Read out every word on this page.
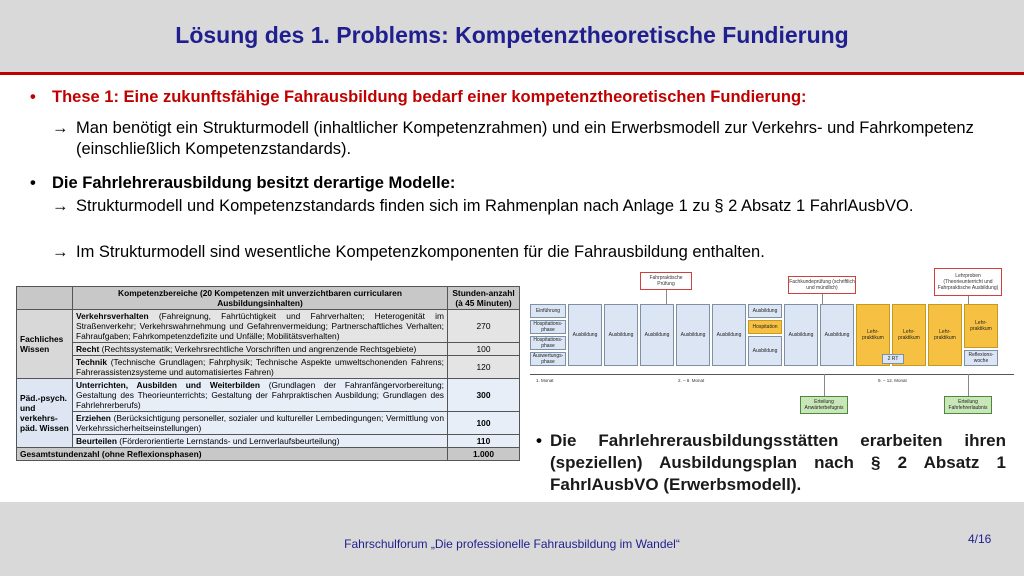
Lösung des 1. Problems: Kompetenztheoretische Fundierung
• These 1: Eine zukunftsfähige Fahrausbildung bedarf einer kompetenztheoretischen Fundierung:
→ Man benötigt ein Strukturmodell (inhaltlicher Kompetenzrahmen) und ein Erwerbsmodell zur Verkehrs- und Fahrkompetenz (einschließlich Kompetenzstandards).
• Die Fahrlehrerausbildung besitzt derartige Modelle:
→ Strukturmodell und Kompetenzstandards finden sich im Rahmenplan nach Anlage 1 zu § 2 Absatz 1 FahrlAusbVO.
→ Im Strukturmodell sind wesentliche Kompetenzkomponenten für die Fahrausbildung enthalten.
	Kompetenzbereiche (20 Kompetenzen mit unverzichtbaren curricularen Ausbildungsinhalten)	Stunden-anzahl (à 45 Minuten)
Fachliches Wissen	Verkehrsverhalten (Fahreignung, Fahrtüchtigkeit und Fahrverhalten; Heterogenität im Straßenverkehr; Verkehrswahrnehmung und Gefahrenvermeidung; Partnerschaftliches Verhalten; Fahraufgaben; Fahrkompetenzdefizite und Unfälle; Mobilitätsverhalten)	270
	Recht (Rechtssystematik; Verkehrsrechtliche Vorschriften und angrenzende Rechtsgebiete)	100
	Technik (Technische Grundlagen; Fahrphysik; Technische Aspekte umweltschonenden Fahrens; Fahrerassistenzsysteme und automatisiertes Fahren)	120
Päd.-psych. und verkehrs-päd. Wissen	Unterrichten, Ausbilden und Weiterbilden (Grundlagen der Fahranfängervorbereitung; Gestaltung des Theorieunterrichts; Gestaltung der Fahrpraktischen Ausbildung; Grundlagen des Fahrlehrerberufs)	300
	Erziehen (Berücksichtigung personeller, sozialer und kultureller Lernbedingungen; Vermittlung von Verkehrssicherheitseinstellungen)	100
	Beurteilen (Förderorientierte Lernstands- und Lernverlaufsbeurteilung)	110
Gesamtstundenzahl (ohne Reflexionsphasen)		1.000
Fahrpraktische Prüfung	Fachkundeprüfung (schriftlich und mündlich)
Lehrproben (Theorieunterricht und Fahrpraktische Ausbildung)
Einführung
Hospitations-phase
Hospitations-phase
Auswertungs-phase
Ausbildung	Ausbildung	Ausbildung	Ausbildung	Ausbildung
Ausbildung
Hospitation
Ausbildung
Ausbildung	Ausbildung	Lehr-praktikum
Lehr-praktikum
2 RT
Lehr-praktikum
Lehr-praktikum
Reflexions-woche
1. Monat	2. – 8. Monat	9. – 12. Monat
Erteilung Anwärterbefugnis
Erteilung Fahrlehrerlaubnis
• Die Fahrlehrerausbildungsstätten erarbeiten ihren (speziellen) Ausbildungsplan nach § 2 Absatz 1 FahrlAusbVO (Erwerbsmodell).
Fahrschulforum „Die professionelle Fahrausbildung im Wandel“	4/16
